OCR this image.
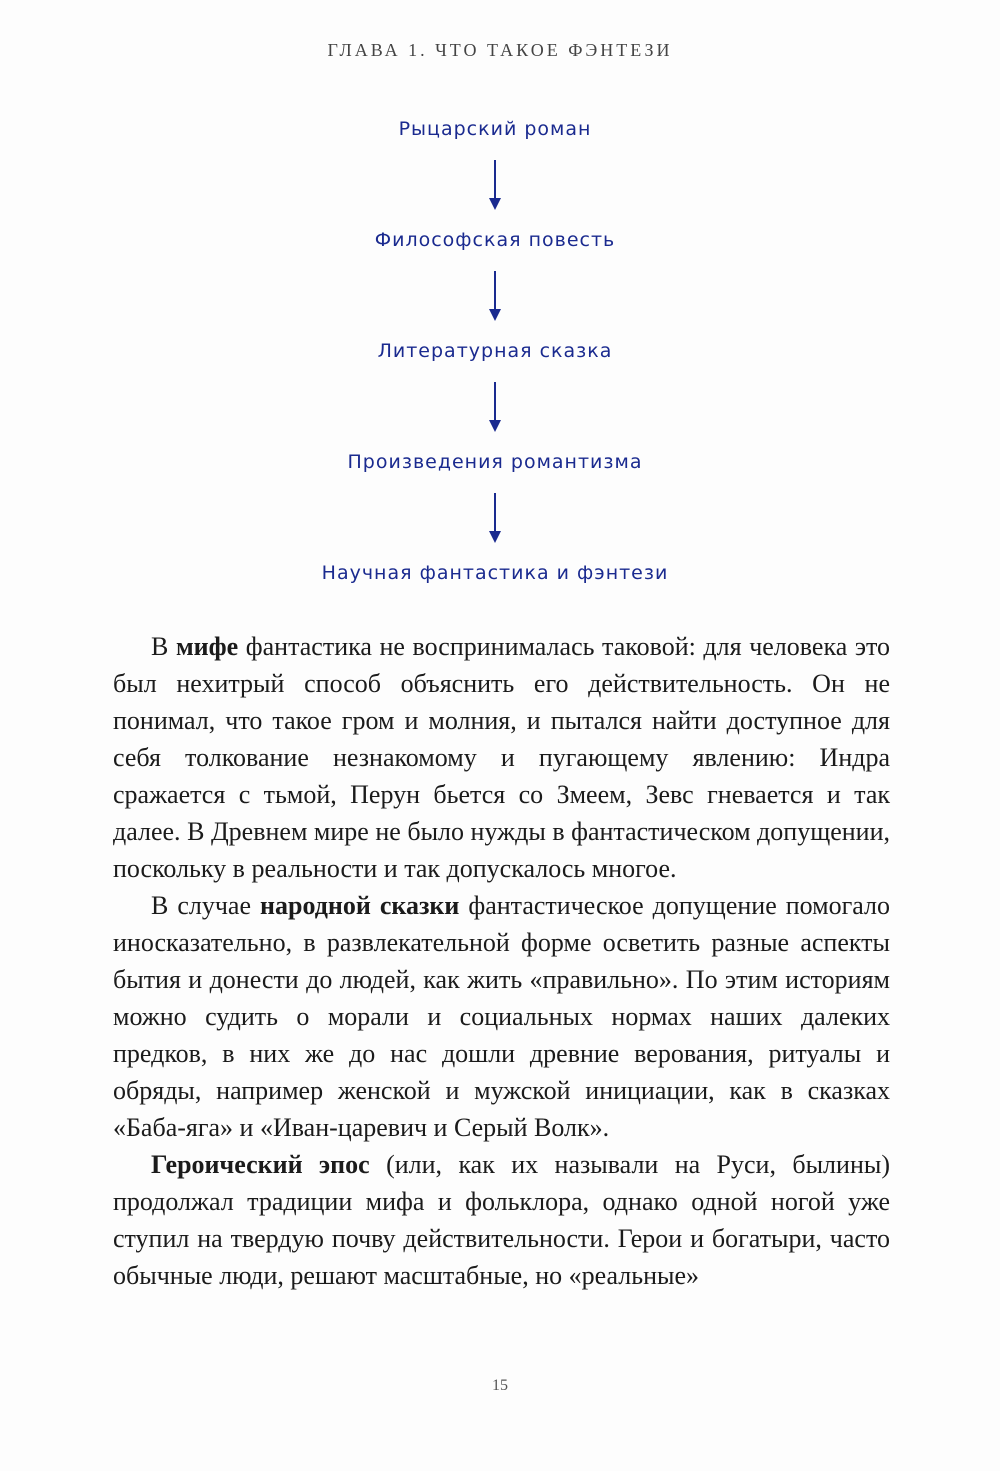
ГЛАВА 1. ЧТО ТАКОЕ ФЭНТЕЗИ
Рыцарский роман
Философская повесть
Литературная сказка
Произведения романтизма
Научная фантастика и фэнтези

В мифе фантастика не воспринималась таковой: для человека это был нехитрый способ объяснить его действительность. Он не понимал, что такое гром и молния, и пытался найти доступное для себя толкование незнакомому и пугающему явлению: Индра сражается с тьмой, Перун бьется со Змеем, Зевс гневается и так далее. В Древнем мире не было нужды в фантастическом допущении, поскольку в реальности и так допускалось многое.

В случае народной сказки фантастическое допущение помогало иносказательно, в развлекательной форме осветить разные аспекты бытия и донести до людей, как жить «правильно». По этим историям можно судить о морали и социальных нормах наших далеких предков, в них же до нас дошли древние верования, ритуалы и обряды, например женской и мужской инициации, как в сказках «Баба-яга» и «Иван-царевич и Серый Волк».

Героический эпос (или, как их называли на Руси, былины) продолжал традиции мифа и фольклора, однако одной ногой уже ступил на твердую почву действительности. Герои и богатыри, часто обычные люди, решают масштабные, но «реальные»

15
